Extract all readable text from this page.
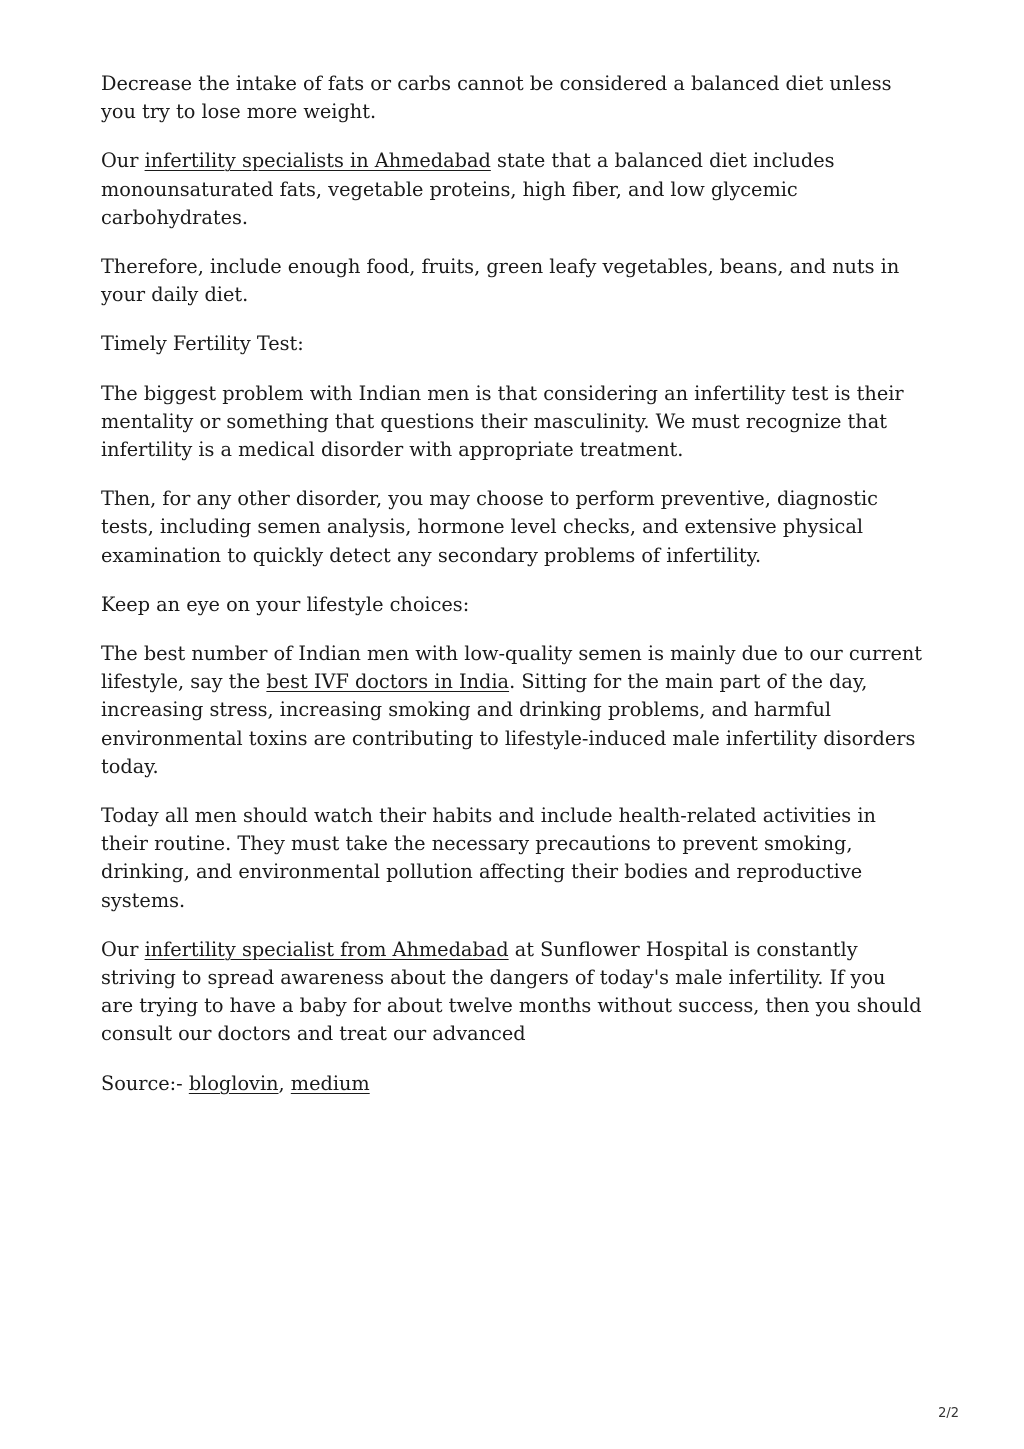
Decrease the intake of fats or carbs cannot be considered a balanced diet unless you try to lose more weight.

Our infertility specialists in Ahmedabad state that a balanced diet includes monounsaturated fats, vegetable proteins, high fiber, and low glycemic carbohydrates.

Therefore, include enough food, fruits, green leafy vegetables, beans, and nuts in your daily diet.

Timely Fertility Test:

The biggest problem with Indian men is that considering an infertility test is their mentality or something that questions their masculinity. We must recognize that infertility is a medical disorder with appropriate treatment.

Then, for any other disorder, you may choose to perform preventive, diagnostic tests, including semen analysis, hormone level checks, and extensive physical examination to quickly detect any secondary problems of infertility.

Keep an eye on your lifestyle choices:

The best number of Indian men with low-quality semen is mainly due to our current lifestyle, say the best IVF doctors in India. Sitting for the main part of the day, increasing stress, increasing smoking and drinking problems, and harmful environmental toxins are contributing to lifestyle-induced male infertility disorders today.

Today all men should watch their habits and include health-related activities in their routine. They must take the necessary precautions to prevent smoking, drinking, and environmental pollution affecting their bodies and reproductive systems.

Our infertility specialist from Ahmedabad at Sunflower Hospital is constantly striving to spread awareness about the dangers of today's male infertility. If you are trying to have a baby for about twelve months without success, then you should consult our doctors and treat our advanced

Source:- bloglovin, medium

2/2
